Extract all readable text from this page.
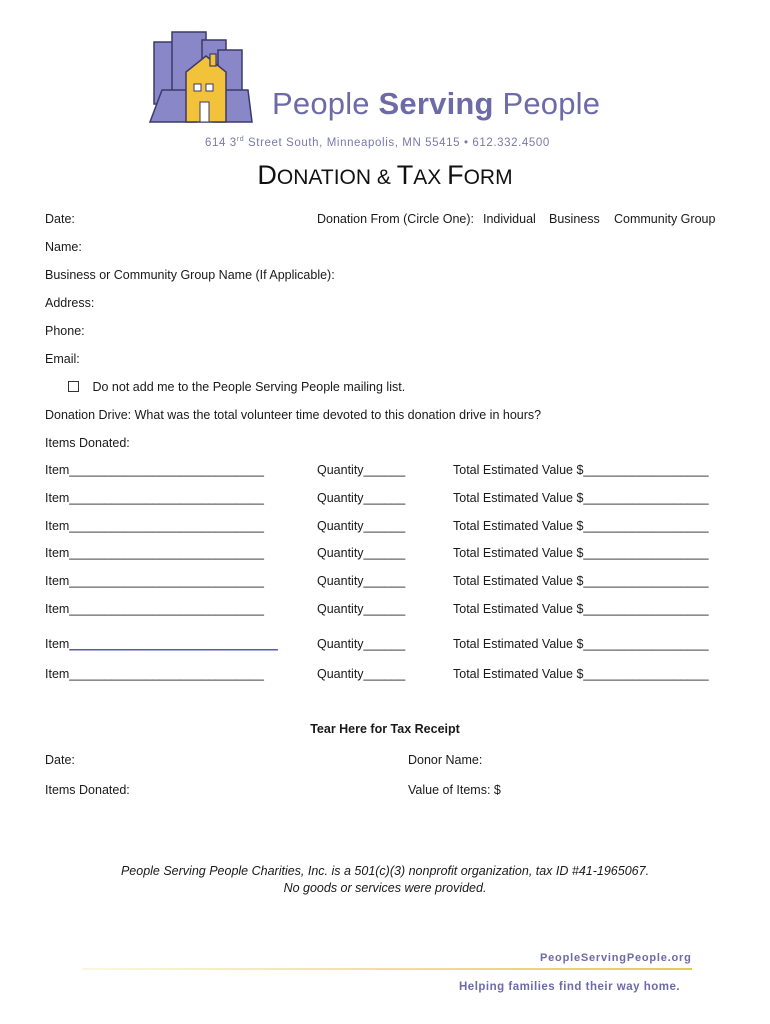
People Serving People
614 3rd Street South, Minneapolis, MN 55415 • 612.332.4500
DONATION & TAX FORM
Date:	Donation From (Circle One): Individual Business Community Group
Name:
Business or Community Group Name (If Applicable):
Address:
Phone:
Email:
Do not add me to the People Serving People mailing list.
Donation Drive: What was the total volunteer time devoted to this donation drive in hours?
Items Donated:
Item____________________________	Quantity______	Total Estimated Value $__________________
Item____________________________	Quantity______	Total Estimated Value $__________________
Item____________________________	Quantity______	Total Estimated Value $__________________
Item____________________________	Quantity______	Total Estimated Value $__________________
Item____________________________	Quantity______	Total Estimated Value $__________________
Item____________________________	Quantity______	Total Estimated Value $__________________
Item______________________________	Quantity______	Total Estimated Value $__________________
Item____________________________	Quantity______	Total Estimated Value $__________________
Tear Here for Tax Receipt
Date:	Donor Name:
Items Donated:	Value of Items: $
People Serving People Charities, Inc. is a 501(c)(3) nonprofit organization, tax ID #41-1965067.
No goods or services were provided.
PeopleServingPeople.org
Helping families find their way home.
